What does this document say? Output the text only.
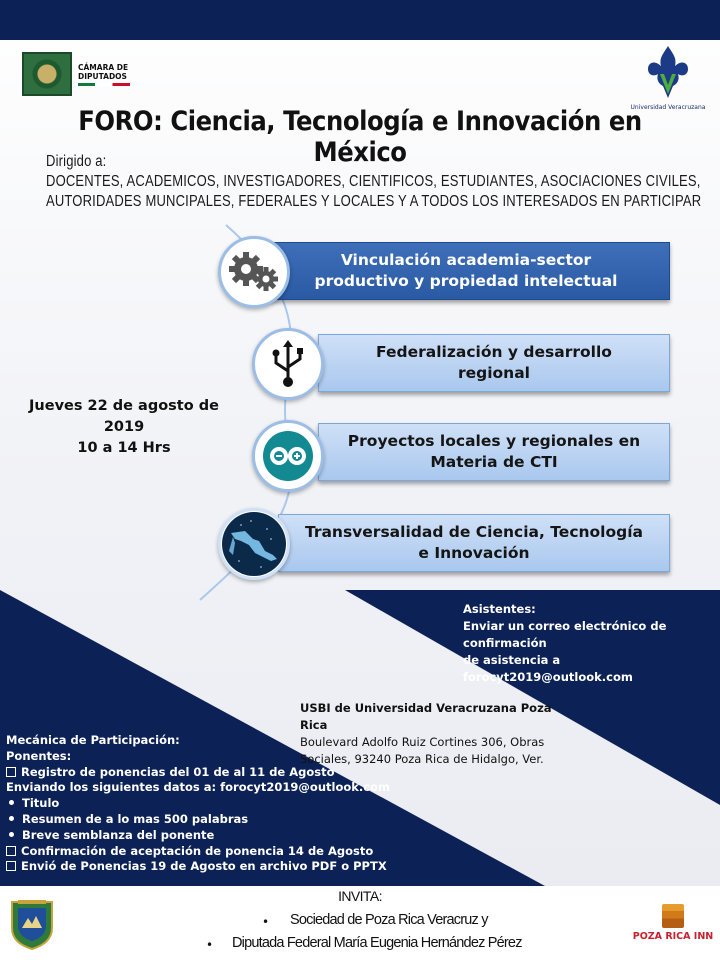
CÁMARA DE
DIPUTADOS
Universidad Veracruzana
FORO: Ciencia, Tecnología e Innovación en México
Dirigido a:
DOCENTES, ACADEMICOS, INVESTIGADORES, CIENTIFICOS, ESTUDIANTES, ASOCIACIONES CIVILES,
AUTORIDADES MUNCIPALES, FEDERALES Y LOCALES Y A TODOS LOS INTERESADOS EN PARTICIPAR
Vinculación academia-sector
productivo y propiedad intelectual
Federalización y desarrollo
regional
Proyectos locales y regionales en
Materia de CTI
Transversalidad de Ciencia, Tecnología
e Innovación
Jueves 22 de agosto de 2019
10 a 14 Hrs
Asistentes:
Enviar un correo electrónico de confirmación
de asistencia a forocyt2019@outlook.com
USBI de Universidad Veracruzana Poza Rica
Boulevard Adolfo Ruiz Cortines 306, Obras
Sociales, 93240 Poza Rica de Hidalgo, Ver.
Mecánica de Participación:
Ponentes:
Registro de ponencias del 01 de al 11 de Agosto
Enviando los siguientes datos a: forocyt2019@outlook.com
Titulo
Resumen de a lo mas 500 palabras
Breve semblanza del ponente
Confirmación de aceptación de ponencia 14 de Agosto
Envió de Ponencias 19 de Agosto en archivo PDF o PPTX
INVITA:
• Sociedad de Poza Rica Veracruz y
• Diputada Federal María Eugenia Hernández Pérez	POZA RICA INN
